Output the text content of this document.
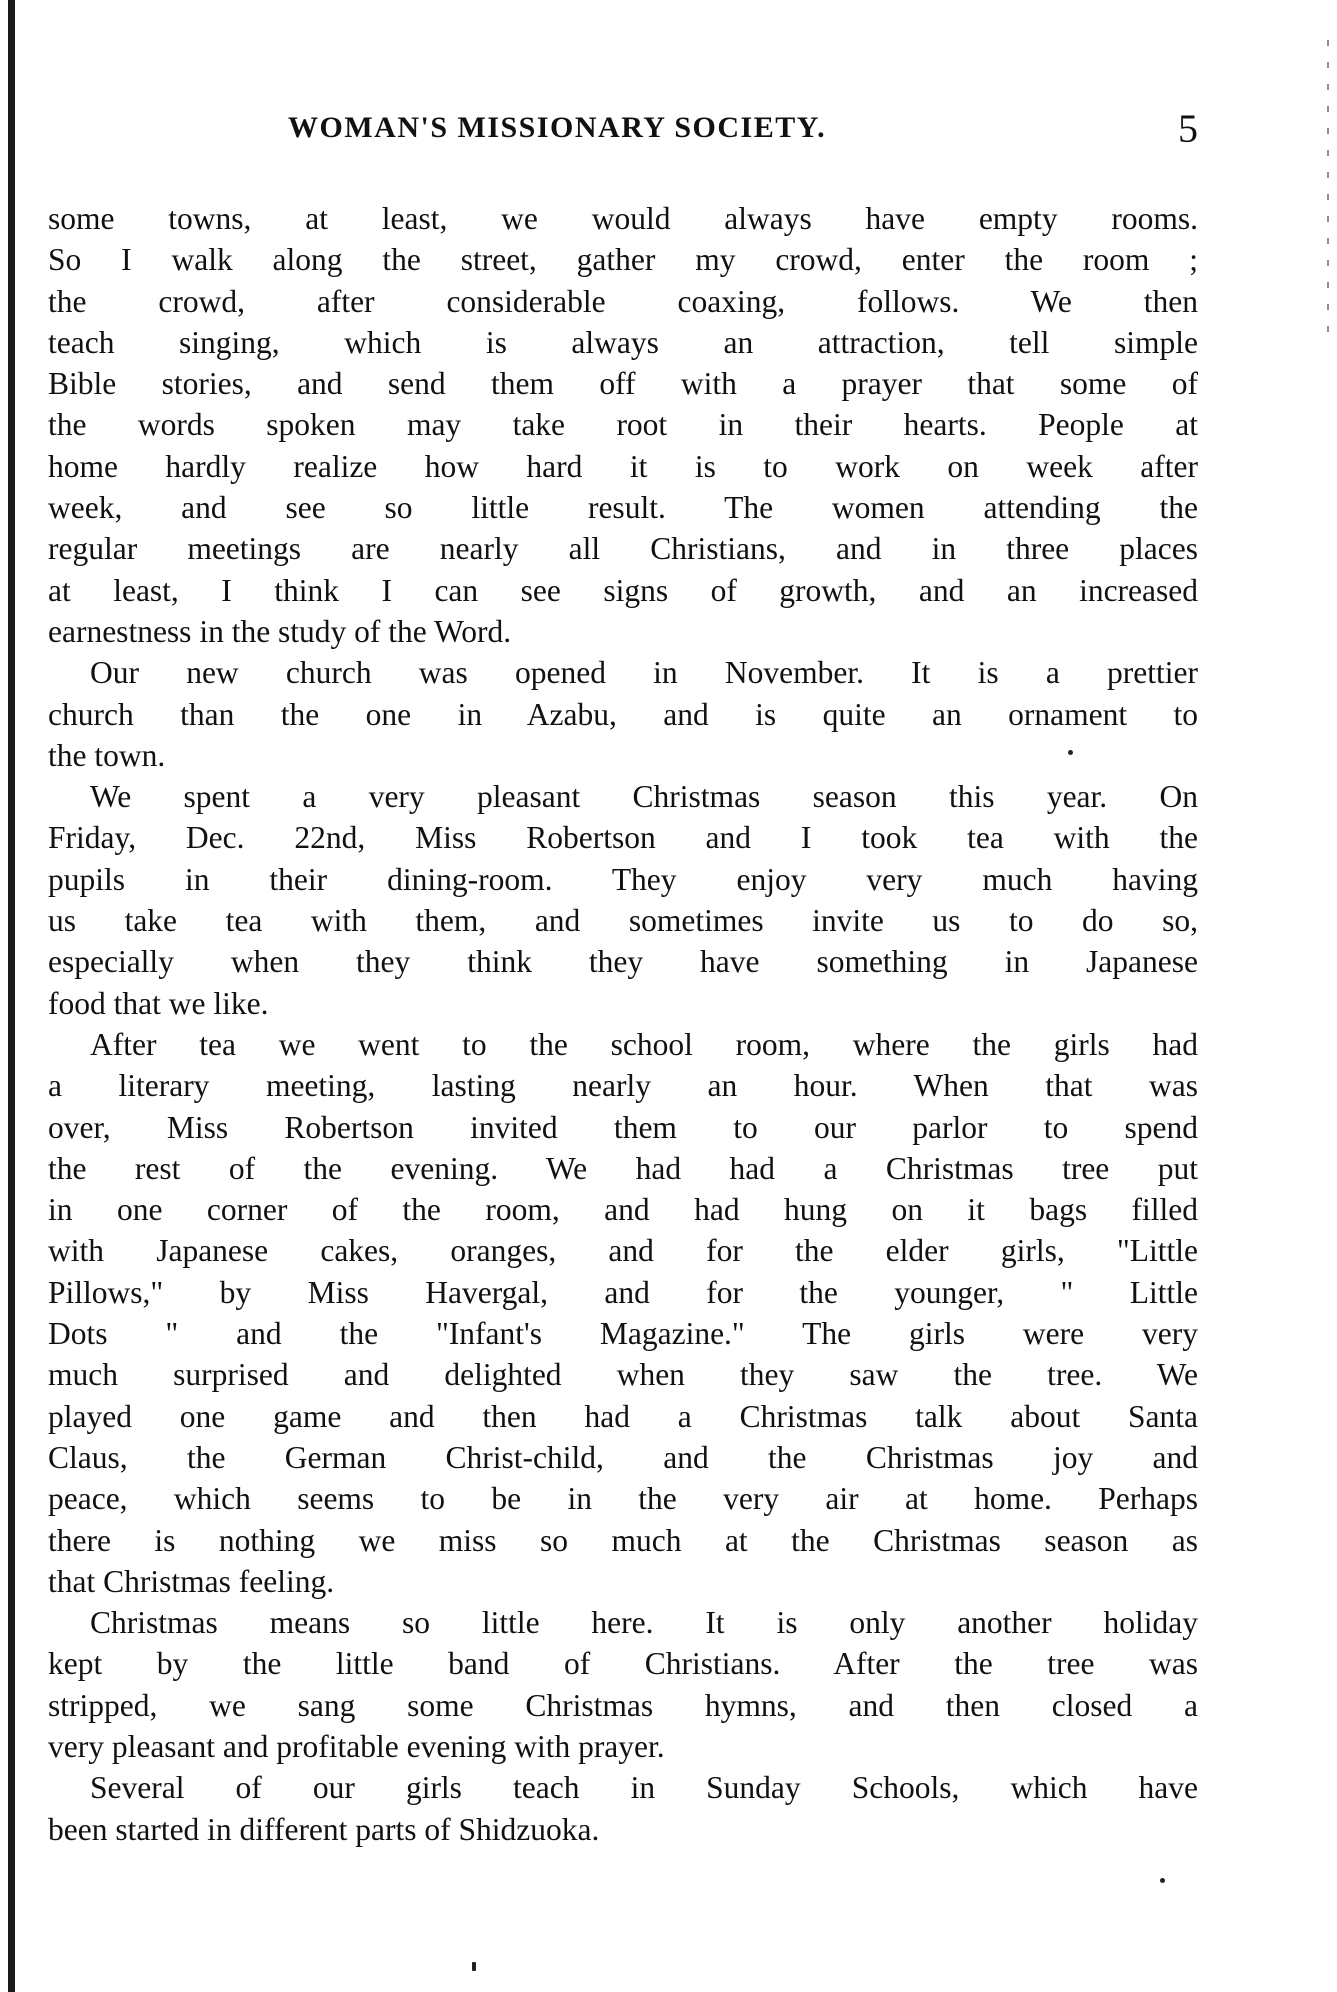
WOMAN'S MISSIONARY SOCIETY.	5

some towns, at least, we would always have empty rooms.
So I walk along the street, gather my crowd, enter the room ;
the crowd, after considerable coaxing, follows. We then
teach singing, which is always an attraction, tell simple
Bible stories, and send them off with a prayer that some of
the words spoken may take root in their hearts. People at
home hardly realize how hard it is to work on week after
week, and see so little result. The women attending the
regular meetings are nearly all Christians, and in three places
at least, I think I can see signs of growth, and an increased
earnestness in the study of the Word.

Our new church was opened in November. It is a prettier
church than the one in Azabu, and is quite an ornament to
the town.

We spent a very pleasant Christmas season this year. On
Friday, Dec. 22nd, Miss Robertson and I took tea with the
pupils in their dining-room. They enjoy very much having
us take tea with them, and sometimes invite us to do so,
especially when they think they have something in Japanese
food that we like.

After tea we went to the school room, where the girls had
a literary meeting, lasting nearly an hour. When that was
over, Miss Robertson invited them to our parlor to spend
the rest of the evening. We had had a Christmas tree put
in one corner of the room, and had hung on it bags filled
with Japanese cakes, oranges, and for the elder girls, "Little
Pillows," by Miss Havergal, and for the younger, " Little
Dots " and the "Infant's Magazine." The girls were very
much surprised and delighted when they saw the tree. We
played one game and then had a Christmas talk about Santa
Claus, the German Christ-child, and the Christmas joy and
peace, which seems to be in the very air at home. Perhaps
there is nothing we miss so much at the Christmas season as
that Christmas feeling.

Christmas means so little here. It is only another holiday
kept by the little band of Christians. After the tree was
stripped, we sang some Christmas hymns, and then closed a
very pleasant and profitable evening with prayer.

Several of our girls teach in Sunday Schools, which have
been started in different parts of Shidzuoka.
